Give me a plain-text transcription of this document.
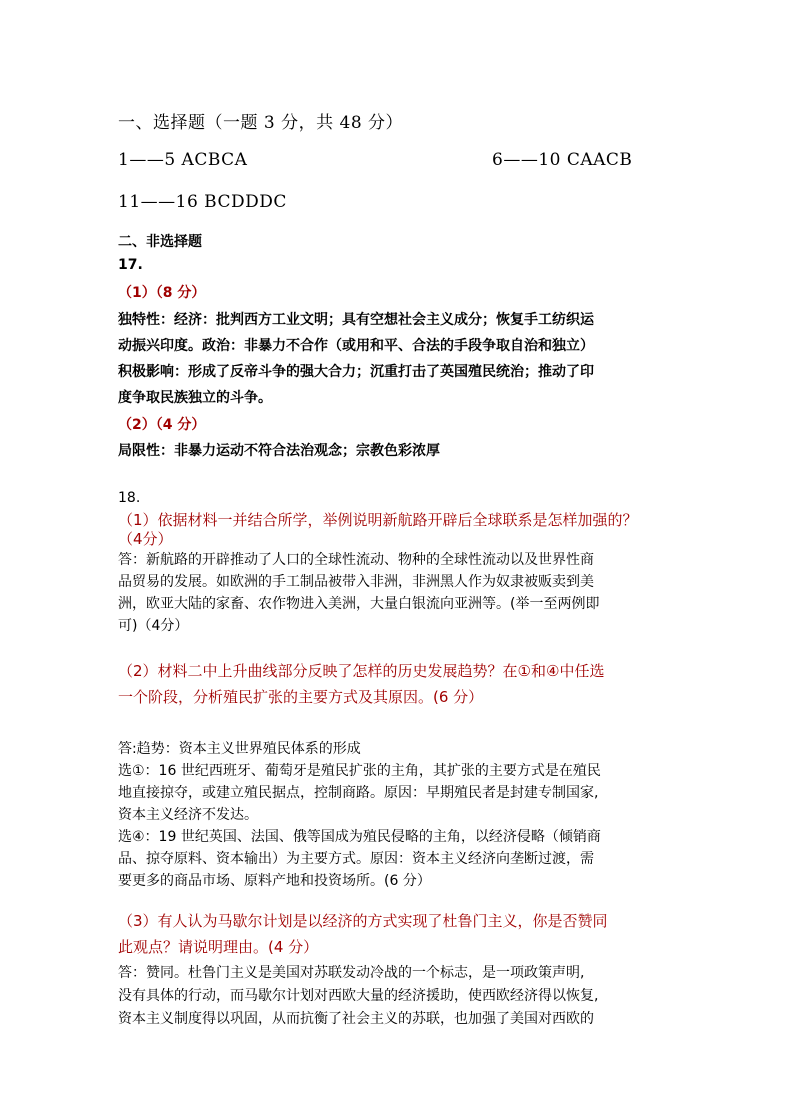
一、选择题（一题 3 分，共 48 分）
1——5 ACBCA	6——10 CAACB
11——16 BCDDDC
二、非选择题
17.
（1）（8 分）
独特性：经济：批判西方工业文明；具有空想社会主义成分；恢复手工纺织运
动振兴印度。政治：非暴力不合作（或用和平、合法的手段争取自治和独立）
积极影响：形成了反帝斗争的强大合力；沉重打击了英国殖民统治；推动了印
度争取民族独立的斗争。
（2）（4 分）
局限性：非暴力运动不符合法治观念；宗教色彩浓厚
18.
（1）依据材料一并结合所学，举例说明新航路开辟后全球联系是怎样加强的？
（4分）
答：新航路的开辟推动了人口的全球性流动、物种的全球性流动以及世界性商
品贸易的发展。如欧洲的手工制品被带入非洲，非洲黑人作为奴隶被贩卖到美
洲，欧亚大陆的家畜、农作物进入美洲，大量白银流向亚洲等。(举一至两例即
可)（4分）
（2）材料二中上升曲线部分反映了怎样的历史发展趋势？在①和④中任选
一个阶段，分析殖民扩张的主要方式及其原因。(6 分）
答:趋势：资本主义世界殖民体系的形成
选①：16 世纪西班牙、葡萄牙是殖民扩张的主角，其扩张的主要方式是在殖民
地直接掠夺，或建立殖民据点，控制商路。原因：早期殖民者是封建专制国家,
资本主义经济不发达。
选④：19 世纪英国、法国、俄等国成为殖民侵略的主角，以经济侵略（倾销商
品、掠夺原料、资本输出）为主要方式。原因：资本主义经济向垄断过渡，需
要更多的商品市场、原料产地和投资场所。(6 分）
（3）有人认为马歇尔计划是以经济的方式实现了杜鲁门主义，你是否赞同
此观点？请说明理由。(4 分）
答：赞同。杜鲁门主义是美国对苏联发动冷战的一个标志，是一项政策声明,
没有具体的行动，而马歇尔计划对西欧大量的经济援助，使西欧经济得以恢复,
资本主义制度得以巩固，从而抗衡了社会主义的苏联，也加强了美国对西欧的
